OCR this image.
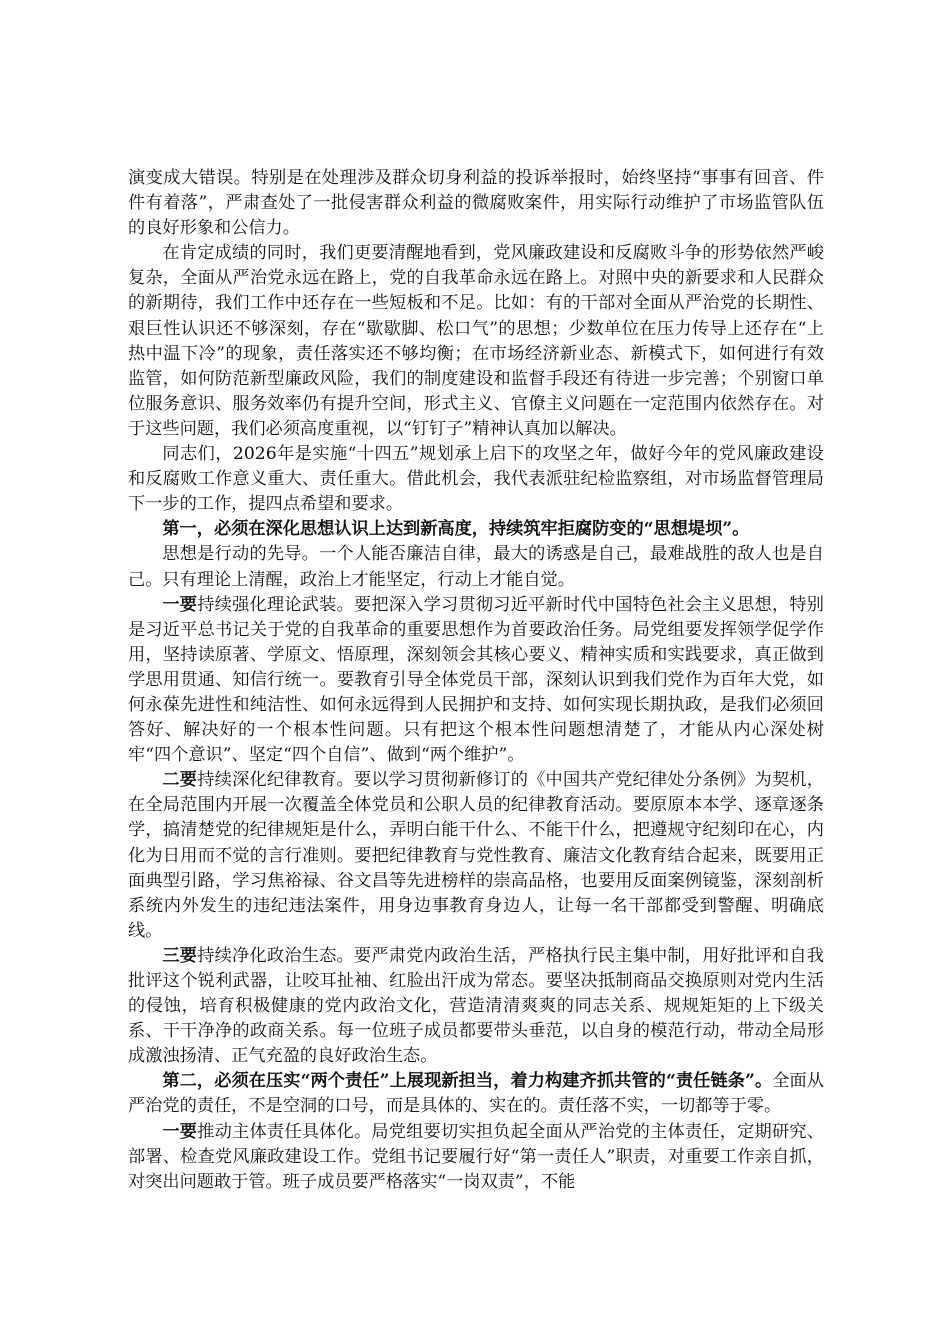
演变成大错误。特别是在处理涉及群众切身利益的投诉举报时，始终坚持“事事有回音、件件有着落”，严肃查处了一批侵害群众利益的微腐败案件，用实际行动维护了市场监管队伍的良好形象和公信力。

在肯定成绩的同时，我们更要清醒地看到，党风廉政建设和反腐败斗争的形势依然严峻复杂，全面从严治党永远在路上，党的自我革命永远在路上。对照中央的新要求和人民群众的新期待，我们工作中还存在一些短板和不足。比如：有的干部对全面从严治党的长期性、艰巨性认识还不够深刻，存在“歇歇脚、松口气”的思想；少数单位在压力传导上还存在“上热中温下冷”的现象，责任落实还不够均衡；在市场经济新业态、新模式下，如何进行有效监管，如何防范新型廉政风险，我们的制度建设和监督手段还有待进一步完善；个别窗口单位服务意识、服务效率仍有提升空间，形式主义、官僚主义问题在一定范围内依然存在。对于这些问题，我们必须高度重视，以“钉钉子”精神认真加以解决。

同志们，2026年是实施“十四五”规划承上启下的攻坚之年，做好今年的党风廉政建设和反腐败工作意义重大、责任重大。借此机会，我代表派驻纪检监察组，对市场监督管理局下一步的工作，提四点希望和要求。

第一，必须在深化思想认识上达到新高度，持续筑牢拒腐防变的“思想堤坝”。

思想是行动的先导。一个人能否廉洁自律，最大的诱惑是自己，最难战胜的敌人也是自己。只有理论上清醒，政治上才能坚定，行动上才能自觉。

一要持续强化理论武装。要把深入学习贯彻习近平新时代中国特色社会主义思想，特别是习近平总书记关于党的自我革命的重要思想作为首要政治任务。局党组要发挥领学促学作用，坚持读原著、学原文、悟原理，深刻领会其核心要义、精神实质和实践要求，真正做到学思用贯通、知信行统一。要教育引导全体党员干部，深刻认识到我们党作为百年大党，如何永葆先进性和纯洁性、如何永远得到人民拥护和支持、如何实现长期执政，是我们必须回答好、解决好的一个根本性问题。只有把这个根本性问题想清楚了，才能从内心深处树牢“四个意识”、坚定“四个自信”、做到“两个维护”。

二要持续深化纪律教育。要以学习贯彻新修订的《中国共产党纪律处分条例》为契机，在全局范围内开展一次覆盖全体党员和公职人员的纪律教育活动。要原原本本学、逐章逐条学，搞清楚党的纪律规矩是什么，弄明白能干什么、不能干什么，把遵规守纪刻印在心，内化为日用而不觉的言行准则。要把纪律教育与党性教育、廉洁文化教育结合起来，既要用正面典型引路，学习焦裕禄、谷文昌等先进榜样的崇高品格，也要用反面案例镜鉴，深刻剖析系统内外发生的违纪违法案件，用身边事教育身边人，让每一名干部都受到警醒、明确底线。

三要持续净化政治生态。要严肃党内政治生活，严格执行民主集中制，用好批评和自我批评这个锐利武器，让咬耳扯袖、红脸出汗成为常态。要坚决抵制商品交换原则对党内生活的侵蚀，培育积极健康的党内政治文化，营造清清爽爽的同志关系、规规矩矩的上下级关系、干干净净的政商关系。每一位班子成员都要带头垂范，以自身的模范行动，带动全局形成激浊扬清、正气充盈的良好政治生态。

第二，必须在压实“两个责任”上展现新担当，着力构建齐抓共管的“责任链条”。全面从严治党的责任，不是空洞的口号，而是具体的、实在的。责任落不实，一切都等于零。

一要推动主体责任具体化。局党组要切实担负起全面从严治党的主体责任，定期研究、部署、检查党风廉政建设工作。党组书记要履行好“第一责任人”职责，对重要工作亲自抓，对突出问题敢于管。班子成员要严格落实“一岗双责”，不能
